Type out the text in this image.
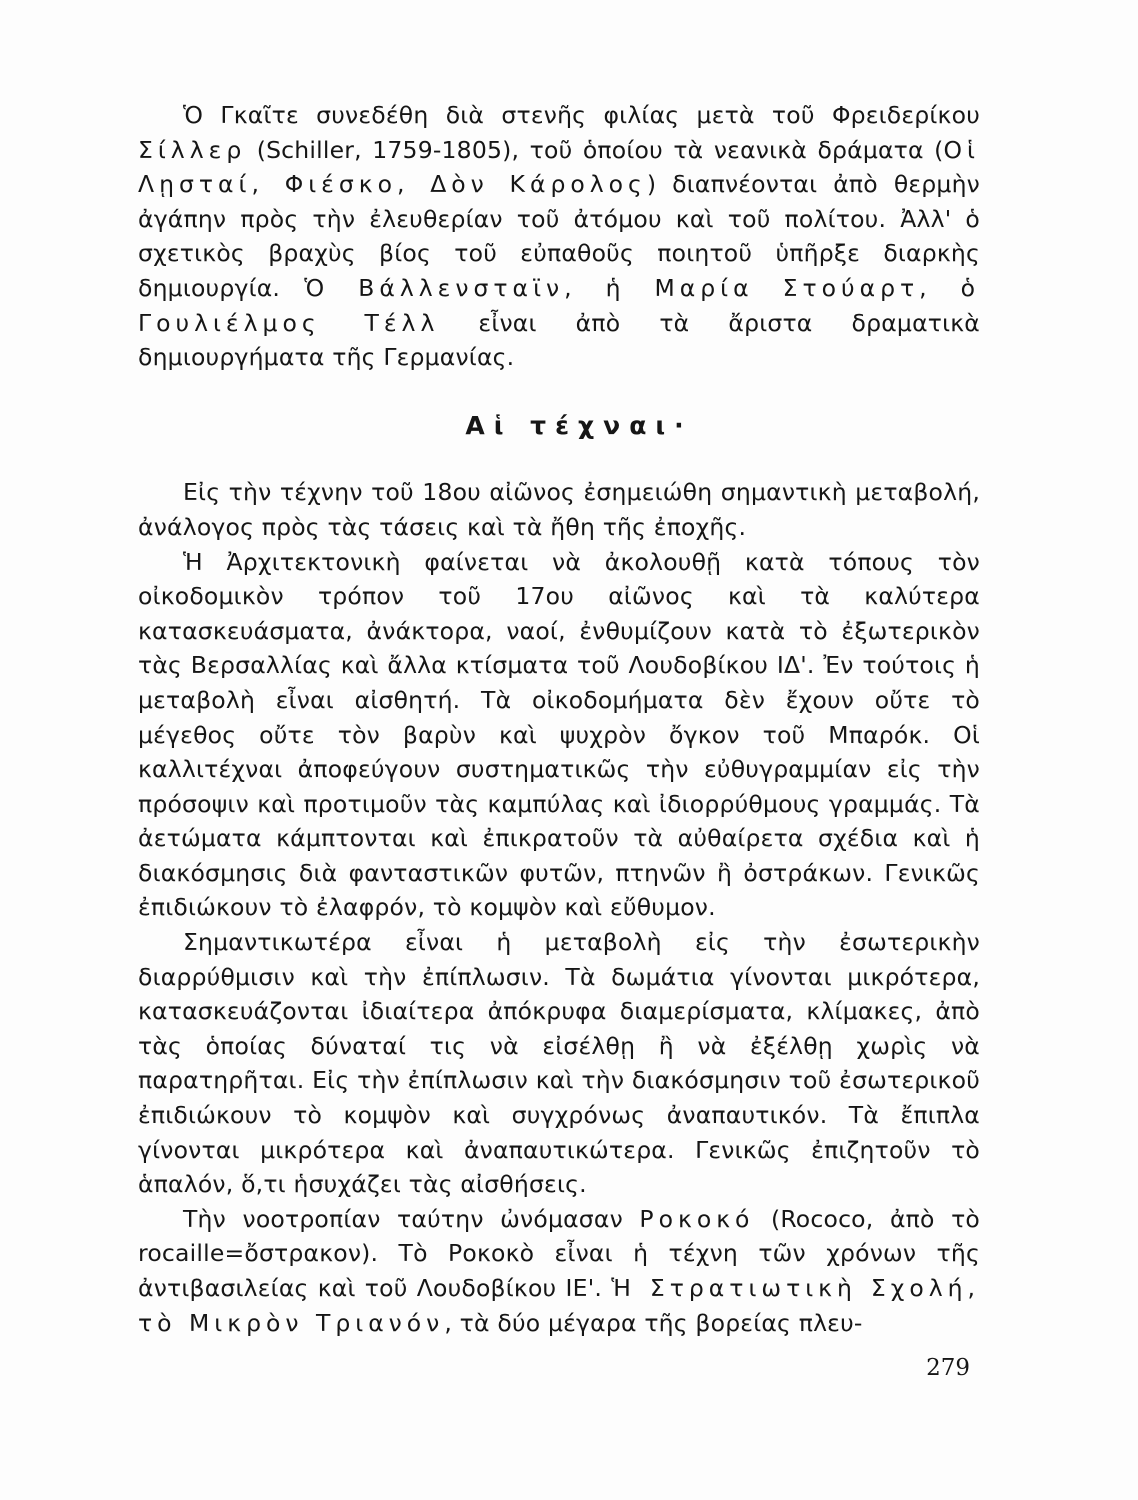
Ὁ Γκαῖτε συνεδέθη διὰ στενῆς φιλίας μετὰ τοῦ Φρειδερίκου Σίλλερ (Schiller, 1759-1805), τοῦ ὁποίου τὰ νεανικὰ δράματα (Οἱ Λῃσταί, Φιέσκο, Δὸν Κάρολος) διαπνέονται ἀπὸ θερμὴν ἀγάπην πρὸς τὴν ἐλευθερίαν τοῦ ἀτόμου καὶ τοῦ πολίτου. Ἀλλ' ὁ σχετικὸς βραχὺς βίος τοῦ εὐπαθοῦς ποιητοῦ ὑπῆρξε διαρκὴς δημιουργία. Ὁ Βάλλενσταϊν, ἡ Μαρία Στούαρτ, ὁ Γουλιέλμος Τέλλ εἶναι ἀπὸ τὰ ἄριστα δραματικὰ δημιουργήματα τῆς Γερμανίας.

Αἱ τέχναι·

Εἰς τὴν τέχνην τοῦ 18ου αἰῶνος ἐσημειώθη σημαντικὴ μεταβολή, ἀνάλογος πρὸς τὰς τάσεις καὶ τὰ ἤθη τῆς ἐποχῆς.

Ἡ Ἀρχιτεκτονικὴ φαίνεται νὰ ἀκολουθῇ κατὰ τόπους τὸν οἰκοδομικὸν τρόπον τοῦ 17ου αἰῶνος καὶ τὰ καλύτερα κατασκευάσματα, ἀνάκτορα, ναοί, ἐνθυμίζουν κατὰ τὸ ἐξωτερικὸν τὰς Βερσαλλίας καὶ ἄλλα κτίσματα τοῦ Λουδοβίκου ΙΔ'. Ἐν τούτοις ἡ μεταβολὴ εἶναι αἰσθητή. Τὰ οἰκοδομήματα δὲν ἔχουν οὔτε τὸ μέγεθος οὔτε τὸν βαρὺν καὶ ψυχρὸν ὄγκον τοῦ Μπαρόκ. Οἱ καλλιτέχναι ἀποφεύγουν συστηματικῶς τὴν εὐθυγραμμίαν εἰς τὴν πρόσοψιν καὶ προτιμοῦν τὰς καμπύλας καὶ ἰδιορρύθμους γραμμάς. Τὰ ἀετώματα κάμπτονται καὶ ἐπικρατοῦν τὰ αὐθαίρετα σχέδια καὶ ἡ διακόσμησις διὰ φανταστικῶν φυτῶν, πτηνῶν ἢ ὀστράκων. Γενικῶς ἐπιδιώκουν τὸ ἐλαφρόν, τὸ κομψὸν καὶ εὔθυμον.

Σημαντικωτέρα εἶναι ἡ μεταβολὴ εἰς τὴν ἐσωτερικὴν διαρρύθμισιν καὶ τὴν ἐπίπλωσιν. Τὰ δωμάτια γίνονται μικρότερα, κατασκευάζονται ἰδιαίτερα ἀπόκρυφα διαμερίσματα, κλίμακες, ἀπὸ τὰς ὁποίας δύναταί τις νὰ εἰσέλθῃ ἢ νὰ ἐξέλθῃ χωρὶς νὰ παρατηρῆται. Εἰς τὴν ἐπίπλωσιν καὶ τὴν διακόσμησιν τοῦ ἐσωτερικοῦ ἐπιδιώκουν τὸ κομψὸν καὶ συγχρόνως ἀναπαυτικόν. Τὰ ἔπιπλα γίνονται μικρότερα καὶ ἀναπαυτικώτερα. Γενικῶς ἐπιζητοῦν τὸ ἁπαλόν, ὅ,τι ἡσυχάζει τὰς αἰσθήσεις.

Τὴν νοοτροπίαν ταύτην ὠνόμασαν Ροκοκό (Rococo, ἀπὸ τὸ rocaille=ὄστρακον). Τὸ Ροκοκὸ εἶναι ἡ τέχνη τῶν χρόνων τῆς ἀντιβασιλείας καὶ τοῦ Λουδοβίκου ΙΕ'. Ἡ Στρατιωτικὴ Σχολή, τὸ Μικρὸν Τριανόν, τὰ δύο μέγαρα τῆς βορείας πλευ-

279
